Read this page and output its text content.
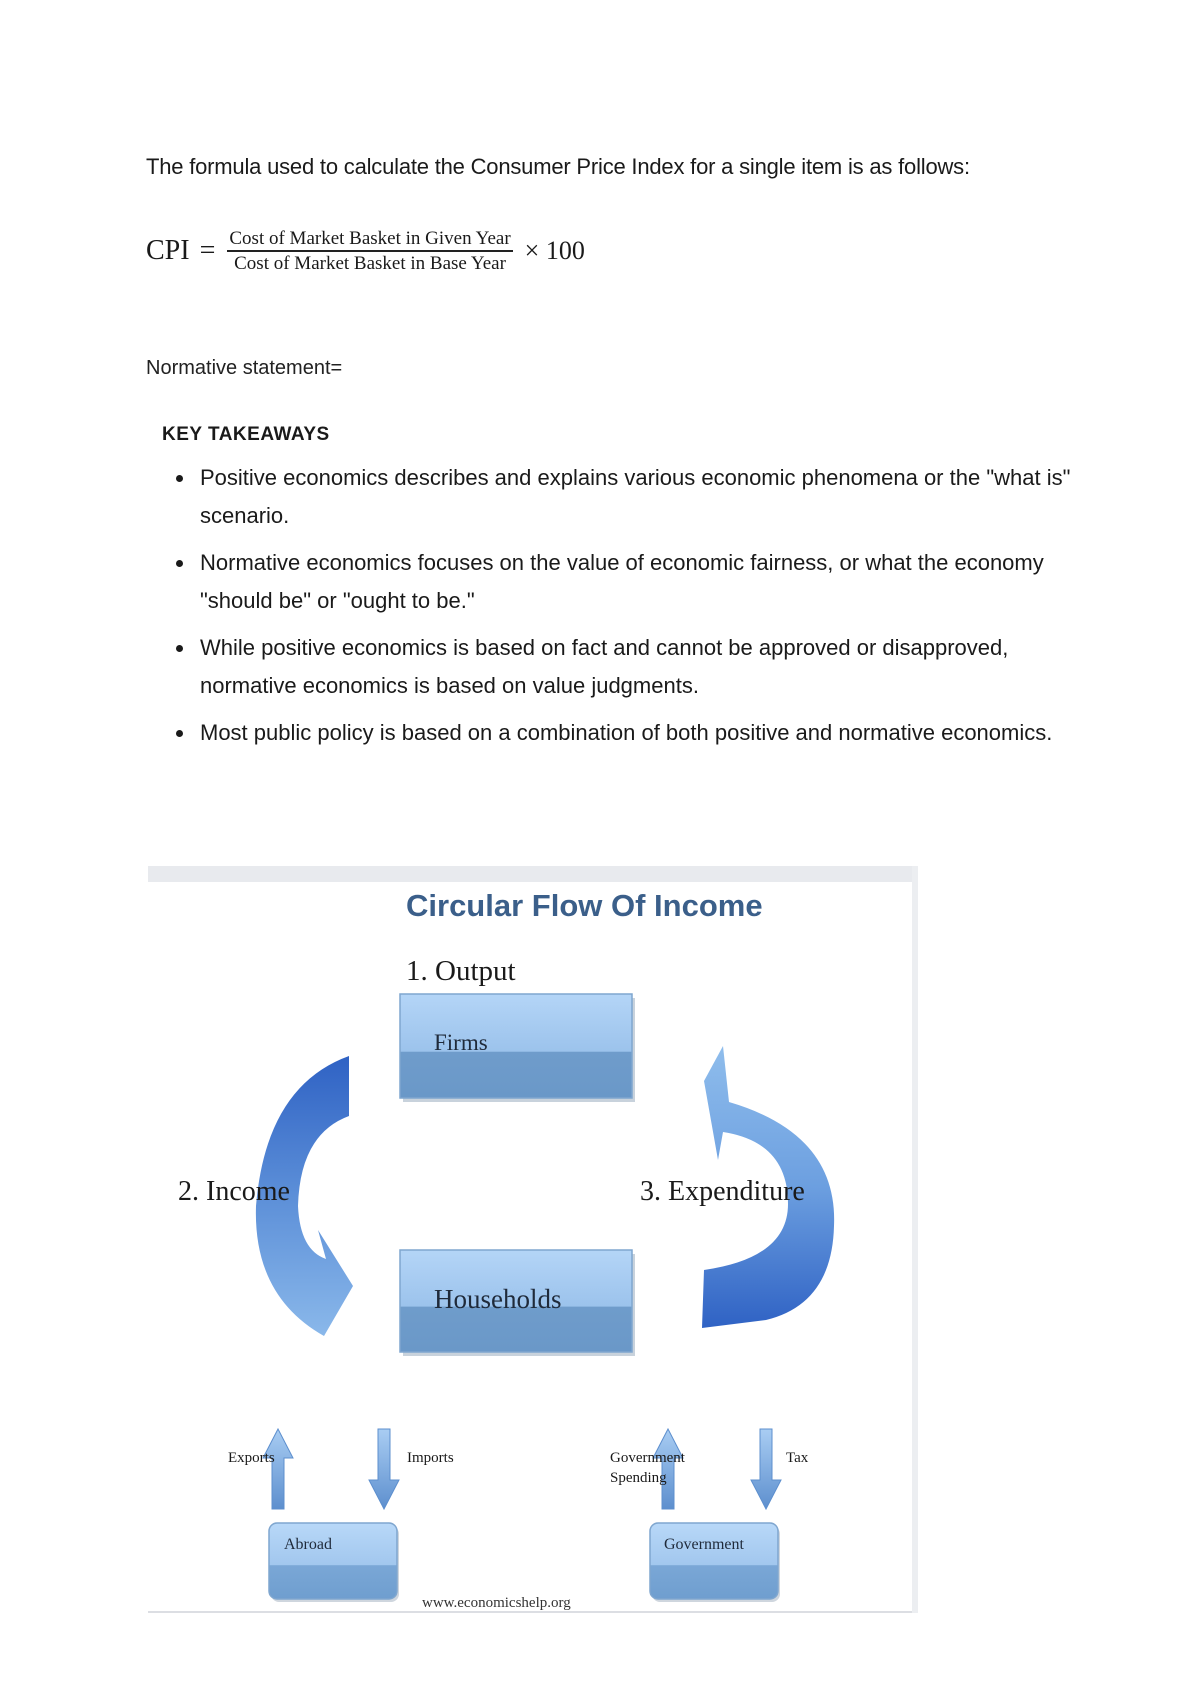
The formula used to calculate the Consumer Price Index for a single item is as follows:
CPI = $\frac{\text{Cost of Market Basket in Given Year}}{\text{Cost of Market Basket in Base Year}} \times 100$
Normative statement=
KEY TAKEAWAYS
• Positive economics describes and explains various economic phenomena or the "what is" scenario.
• Normative economics focuses on the value of economic fairness, or what the economy "should be" or "ought to be."
• While positive economics is based on fact and cannot be approved or disapproved, normative economics is based on value judgments.
• Most public policy is based on a combination of both positive and normative economics.
Circular Flow Of Income
1. Output
Firms
Households
2. Income	3. Expenditure
Exports	Imports	Government
Spending
Tax
Abroad	Government
www.economicshelp.org
